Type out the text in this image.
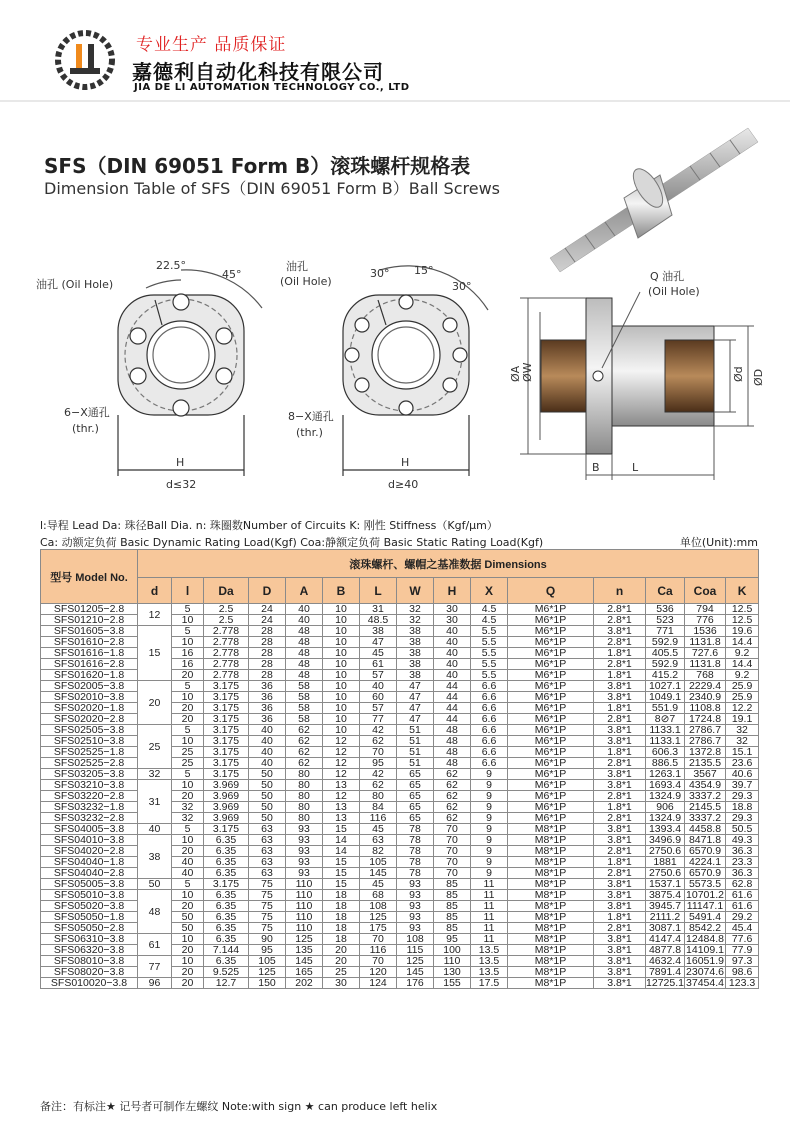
专业生产 品质保证
嘉德利自动化科技有限公司
JIA DE LI AUTOMATION TECHNOLOGY CO., LTD
SFS（DIN 69051 Form B）滚珠螺杆规格表
Dimension Table of SFS（DIN 69051 Form B）Ball Screws
22.5°
45°
油孔 (Oil Hole)
6−X通孔
(thr.)
H
d≤32
油孔
(Oil Hole)
30° 15°
30°
8−X通孔
(thr.)
H
d≥40
Q 油孔
(Oil Hole)
ØA ØW	Ød ØD
B	L
l:导程 Lead Da: 珠径Ball Dia. n: 珠圈数Number of Circuits K: 刚性 Stiffness（Kgf/μm）
Ca: 动额定负荷 Basic Dynamic Rating Load(Kgf) Coa:静额定负荷 Basic Static Rating Load(Kgf)	单位(Unit):mm
型号 Model No.	滚珠螺杆、螺帽之基准数据 Dimensions														
	d	l	Da	D	A	B	L	W	H	X	Q	n	Ca	Coa	K
SFS01205−2.8	12	5	2.5	24	40	10	31	32	30	4.5	M6*1P	2.8*1	536	794	12.5
SFS01210−2.8		10	2.5	24	40	10	48.5	32	30	4.5	M6*1P	2.8*1	523	776	12.5
SFS01605−3.8	15	5	2.778	28	48	10	38	38	40	5.5	M6*1P	3.8*1	771	1536	19.6
SFS01610−2.8		10	2.778	28	48	10	47	38	40	5.5	M6*1P	2.8*1	592.9	1131.8	14.4
SFS01616−1.8		16	2.778	28	48	10	45	38	40	5.5	M6*1P	1.8*1	405.5	727.6	9.2
SFS01616−2.8		16	2.778	28	48	10	61	38	40	5.5	M6*1P	2.8*1	592.9	1131.8	14.4
SFS01620−1.8		20	2.778	28	48	10	57	38	40	5.5	M6*1P	1.8*1	415.2	768	9.2
SFS02005−3.8	20	5	3.175	36	58	10	40	47	44	6.6	M6*1P	3.8*1	1027.1	2229.4	25.9
SFS02010−3.8		10	3.175	36	58	10	60	47	44	6.6	M6*1P	3.8*1	1049.1	2340.9	25.9
SFS02020−1.8		20	3.175	36	58	10	57	47	44	6.6	M6*1P	1.8*1	551.9	1108.8	12.2
SFS02020−2.8		20	3.175	36	58	10	77	47	44	6.6	M6*1P	2.8*1	8⊘7	1724.8	19.1
SFS02505−3.8	25	5	3.175	40	62	10	42	51	48	6.6	M6*1P	3.8*1	1133.1	2786.7	32
SFS02510−3.8		10	3.175	40	62	12	62	51	48	6.6	M6*1P	3.8*1	1133.1	2786.7	32
SFS02525−1.8		25	3.175	40	62	12	70	51	48	6.6	M6*1P	1.8*1	606.3	1372.8	15.1
SFS02525−2.8		25	3.175	40	62	12	95	51	48	6.6	M6*1P	2.8*1	886.5	2135.5	23.6
SFS03205−3.8	32	5	3.175	50	80	12	42	65	62	9	M6*1P	3.8*1	1263.1	3567	40.6
SFS03210−3.8	31	10	3.969	50	80	13	62	65	62	9	M6*1P	3.8*1	1693.4	4354.9	39.7
SFS03220−2.8		20	3.969	50	80	12	80	65	62	9	M6*1P	2.8*1	1324.9	3337.2	29.3
SFS03232−1.8		32	3.969	50	80	13	84	65	62	9	M6*1P	1.8*1	906	2145.5	18.8
SFS03232−2.8		32	3.969	50	80	13	116	65	62	9	M6*1P	2.8*1	1324.9	3337.2	29.3
SFS04005−3.8	40	5	3.175	63	93	15	45	78	70	9	M8*1P	3.8*1	1393.4	4458.8	50.5
SFS04010−3.8	38	10	6.35	63	93	14	63	78	70	9	M8*1P	3.8*1	3496.9	8471.8	49.3
SFS04020−2.8		20	6.35	63	93	14	82	78	70	9	M8*1P	2.8*1	2750.6	6570.9	36.3
SFS04040−1.8		40	6.35	63	93	15	105	78	70	9	M8*1P	1.8*1	1881	4224.1	23.3
SFS04040−2.8		40	6.35	63	93	15	145	78	70	9	M8*1P	2.8*1	2750.6	6570.9	36.3
SFS05005−3.8	50	5	3.175	75	110	15	45	93	85	11	M8*1P	3.8*1	1537.1	5573.5	62.8
SFS05010−3.8	48	10	6.35	75	110	18	68	93	85	11	M8*1P	3.8*1	3875.4	10701.2	61.6
SFS05020−3.8		20	6.35	75	110	18	108	93	85	11	M8*1P	3.8*1	3945.7	11147.1	61.6
SFS05050−1.8		50	6.35	75	110	18	125	93	85	11	M8*1P	1.8*1	2111.2	5491.4	29.2
SFS05050−2.8		50	6.35	75	110	18	175	93	85	11	M8*1P	2.8*1	3087.1	8542.2	45.4
SFS06310−3.8	61	10	6.35	90	125	18	70	108	95	11	M8*1P	3.8*1	4147.4	12484.8	77.6
SFS06320−3.8		20	7.144	95	135	20	116	115	100	13.5	M8*1P	3.8*1	4877.8	14109.1	77.9
SFS08010−3.8	77	10	6.35	105	145	20	70	125	110	13.5	M8*1P	3.8*1	4632.4	16051.9	97.3
SFS08020−3.8		20	9.525	125	165	25	120	145	130	13.5	M8*1P	3.8*1	7891.4	23074.6	98.6
SFS010020−3.8	96	20	12.7	150	202	30	124	176	155	17.5	M8*1P	3.8*1	12725.1	37454.4	123.3
备注：有标注★ 记号者可制作左螺纹 Note:with sign ★ can produce left helix
